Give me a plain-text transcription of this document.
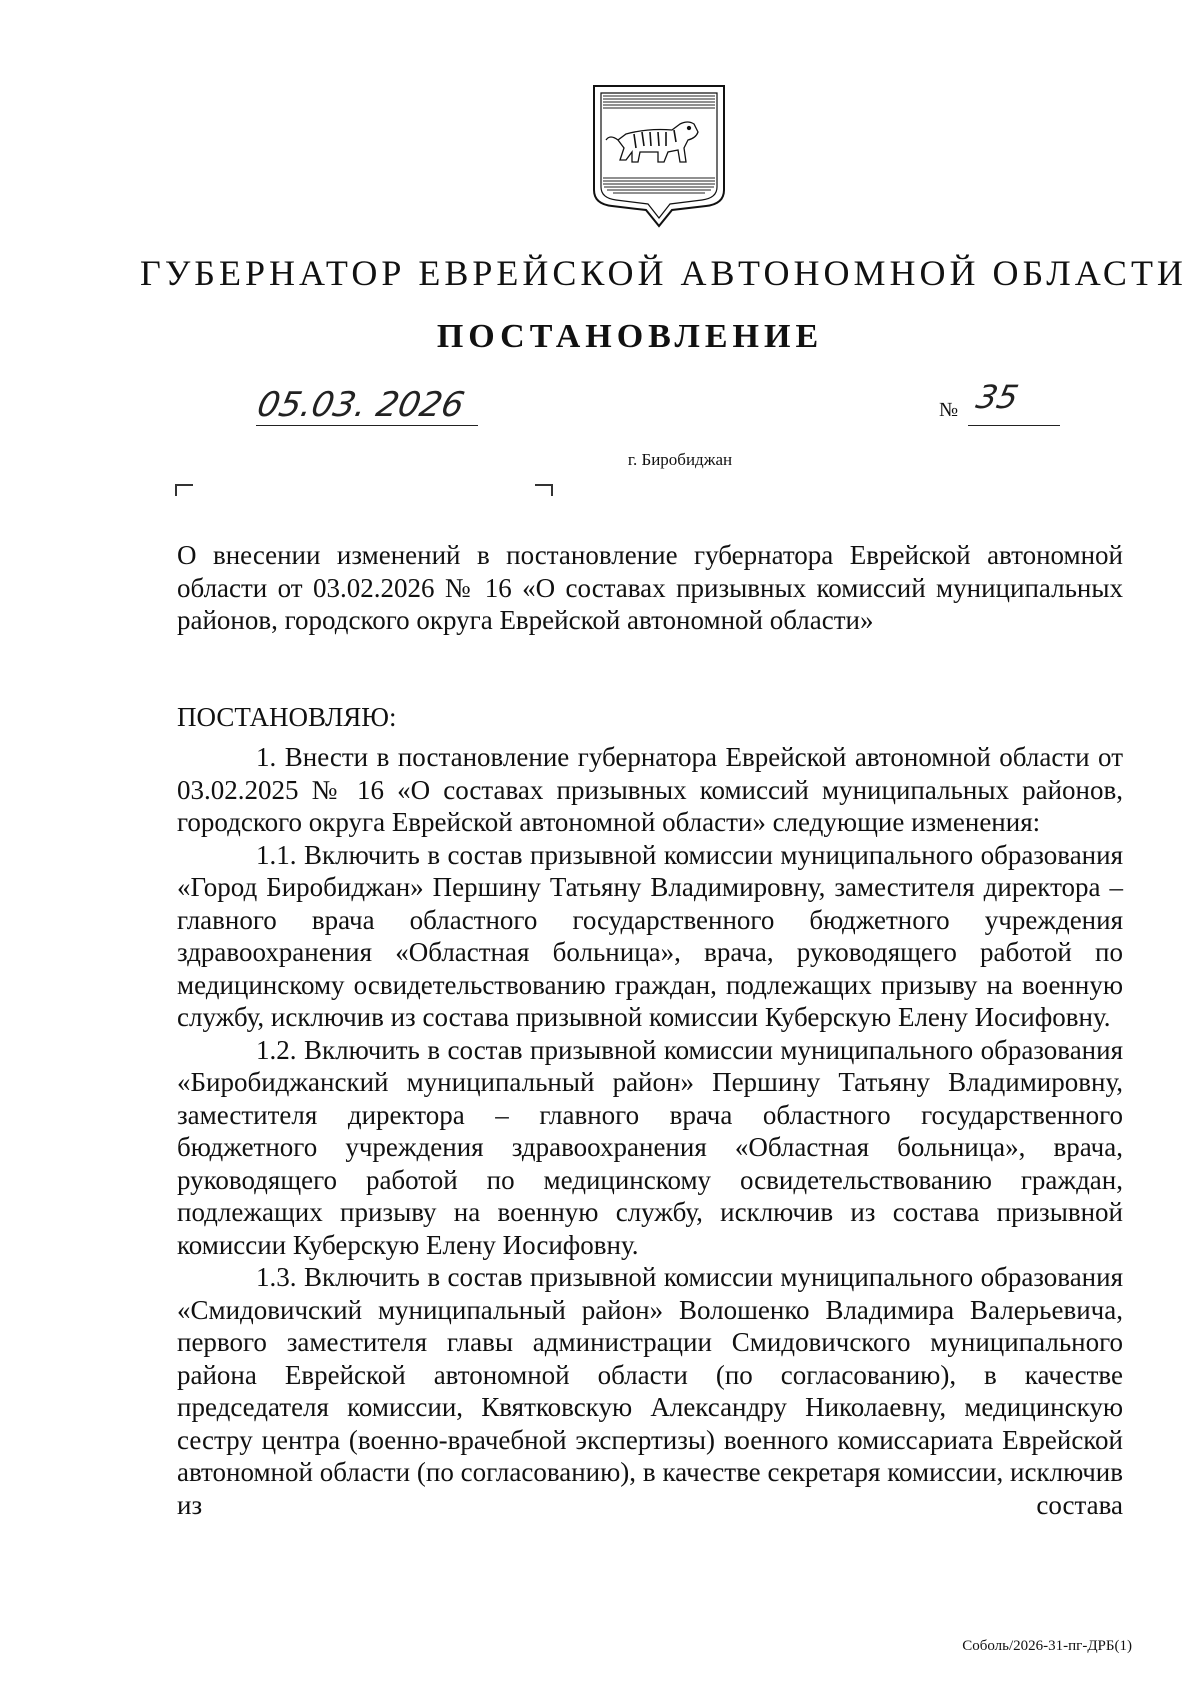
ГУБЕРНАТОР ЕВРЕЙСКОЙ АВТОНОМНОЙ ОБЛАСТИ
ПОСТАНОВЛЕНИЕ
05.03. 2026	№ 35
г. Биробиджан

О внесении изменений в постановление губернатора Еврейской автономной области от 03.02.2026 № 16 «О составах призывных комиссий муниципальных районов, городского округа Еврейской автономной области»

ПОСТАНОВЛЯЮ:

1. Внести в постановление губернатора Еврейской автономной области от 03.02.2025 № 16 «О составах призывных комиссий муниципальных районов, городского округа Еврейской автономной области» следующие изменения:

1.1. Включить в состав призывной комиссии муниципального образования «Город Биробиджан» Першину Татьяну Владимировну, заместителя директора – главного врача областного государственного бюджетного учреждения здравоохранения «Областная больница», врача, руководящего работой по медицинскому освидетельствованию граждан, подлежащих призыву на военную службу, исключив из состава призывной комиссии Куберскую Елену Иосифовну.

1.2. Включить в состав призывной комиссии муниципального образования «Биробиджанский муниципальный район» Першину Татьяну Владимировну, заместителя директора – главного врача областного государственного бюджетного учреждения здравоохранения «Областная больница», врача, руководящего работой по медицинскому освидетельствованию граждан, подлежащих призыву на военную службу, исключив из состава призывной комиссии Куберскую Елену Иосифовну.

1.3. Включить в состав призывной комиссии муниципального образования «Смидовичский муниципальный район» Волошенко Владимира Валерьевича, первого заместителя главы администрации Смидовичского муниципального района Еврейской автономной области (по согласованию), в качестве председателя комиссии, Квятковскую Александру Николаевну, медицинскую сестру центра (военно-врачебной экспертизы) военного комиссариата Еврейской автономной области (по согласованию), в качестве секретаря комиссии, исключив из состава

Соболь/2026-31-пг-ДРБ(1)
